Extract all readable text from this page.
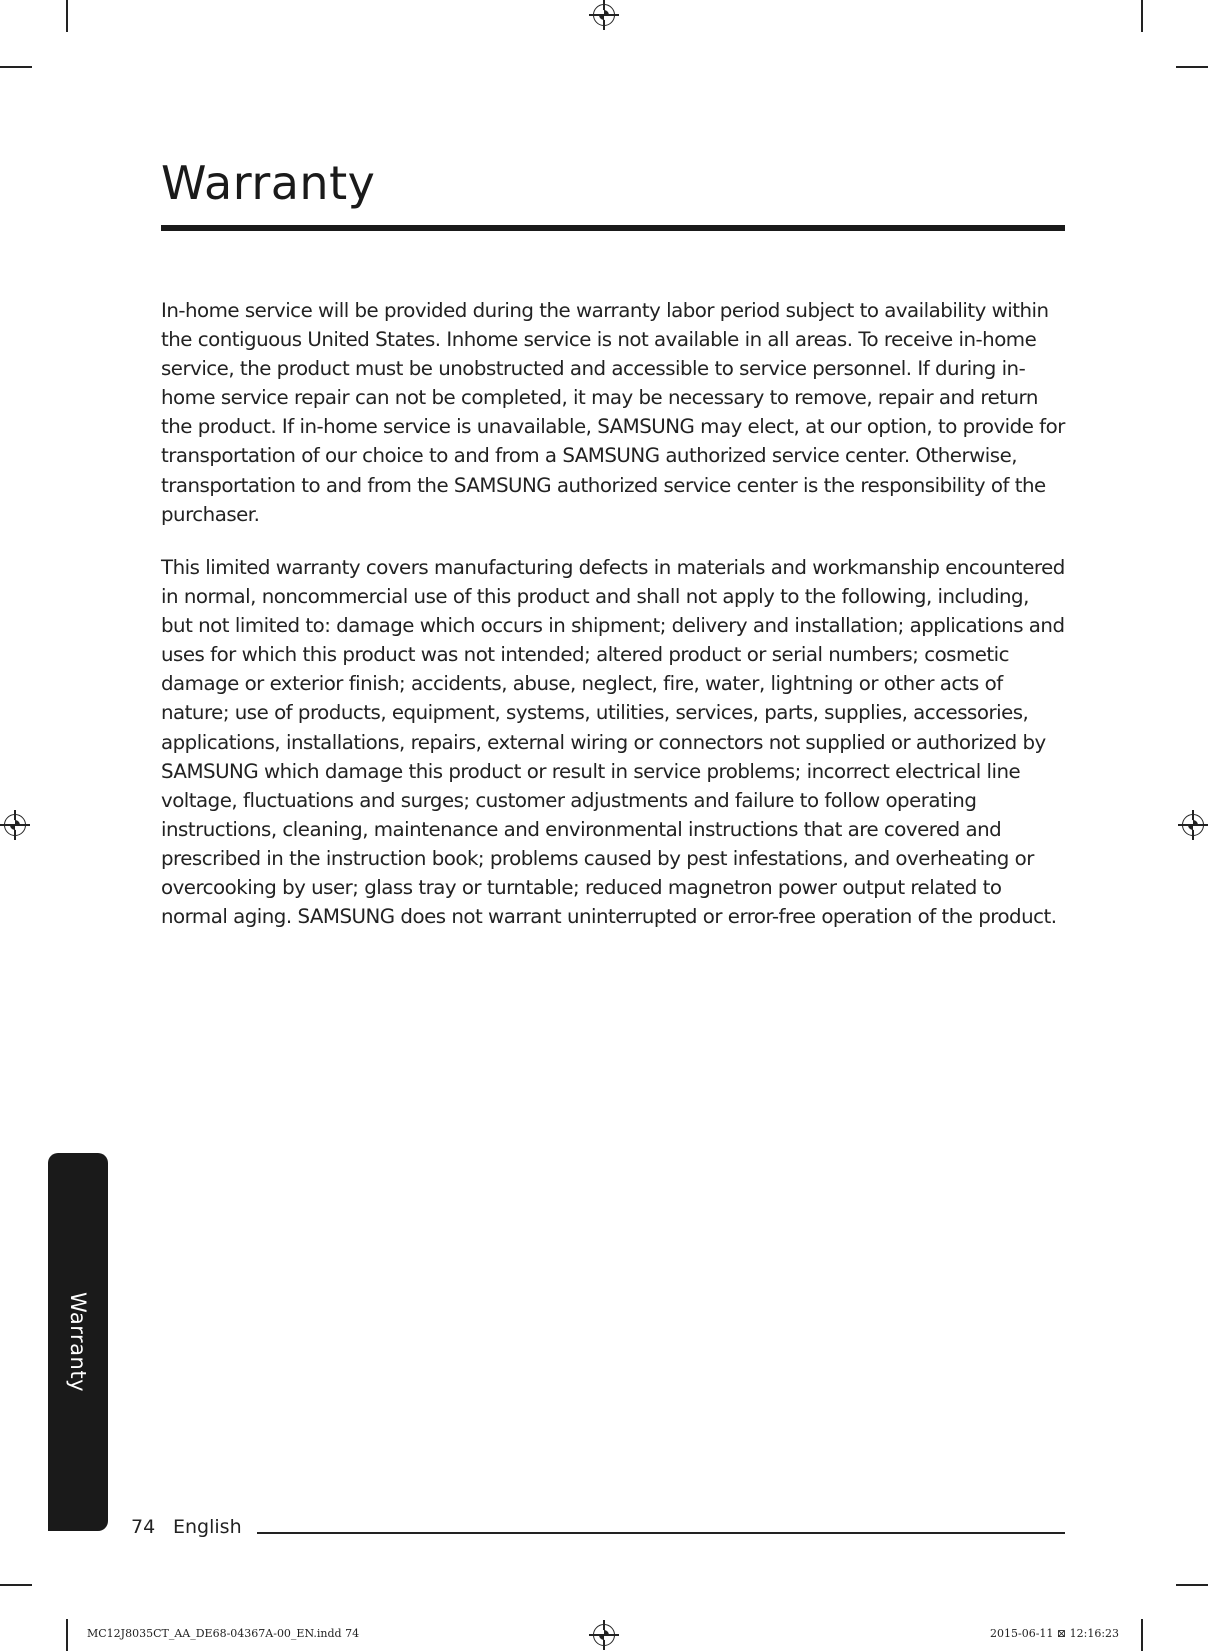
Warranty

In-home service will be provided during the warranty labor period subject to availability within the contiguous United States. Inhome service is not available in all areas. To receive in-home service, the product must be unobstructed and accessible to service personnel. If during in-home service repair can not be completed, it may be necessary to remove, repair and return the product. If in-home service is unavailable, SAMSUNG may elect, at our option, to provide for transportation of our choice to and from a SAMSUNG authorized service center. Otherwise, transportation to and from the SAMSUNG authorized service center is the responsibility of the purchaser.

This limited warranty covers manufacturing defects in materials and workmanship encountered in normal, noncommercial use of this product and shall not apply to the following, including, but not limited to: damage which occurs in shipment; delivery and installation; applications and uses for which this product was not intended; altered product or serial numbers; cosmetic damage or exterior finish; accidents, abuse, neglect, fire, water, lightning or other acts of nature; use of products, equipment, systems, utilities, services, parts, supplies, accessories, applications, installations, repairs, external wiring or connectors not supplied or authorized by SAMSUNG which damage this product or result in service problems; incorrect electrical line voltage, fluctuations and surges; customer adjustments and failure to follow operating instructions, cleaning, maintenance and environmental instructions that are covered and prescribed in the instruction book; problems caused by pest infestations, and overheating or overcooking by user; glass tray or turntable; reduced magnetron power output related to normal aging. SAMSUNG does not warrant uninterrupted or error-free operation of the product.

Warranty
74 English
MC12J8035CT_AA_DE68-04367A-00_EN.indd 74	2015-06-11 ⊠ 12:16:23
